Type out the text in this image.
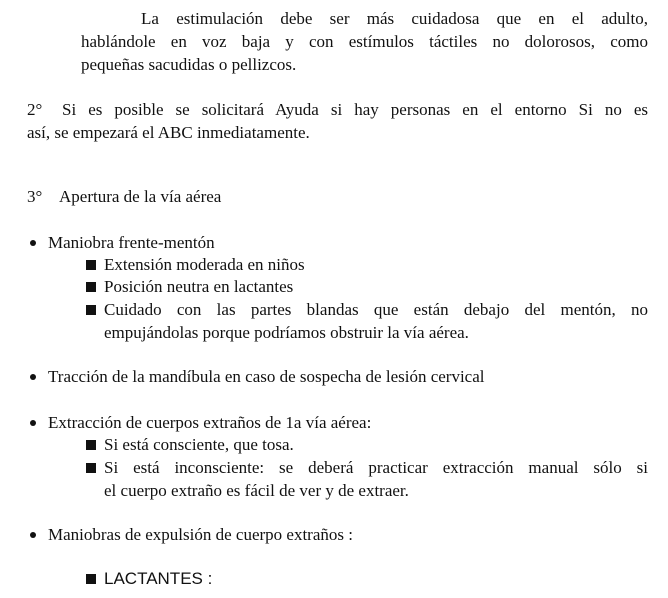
La estimulación debe ser más cuidadosa que en el adulto,
hablándole en voz baja y con estímulos táctiles no dolorosos, como
pequeñas sacudidas o pellizcos.
2° Si es posible se solicitará Ayuda si hay personas en el entorno Si no es
así, se empezará el ABC inmediatamente.
3° Apertura de la vía aérea
Maniobra frente-mentón
Extensión moderada en niños
Posición neutra en lactantes
Cuidado con las partes blandas que están debajo del mentón, no
empujándolas porque podríamos obstruir la vía aérea.
Tracción de la mandíbula en caso de sospecha de lesión cervical
Extracción de cuerpos extraños de 1a vía aérea:
Si está consciente, que tosa.
Si está inconsciente: se deberá practicar extracción manual sólo si
el cuerpo extraño es fácil de ver y de extraer.
Maniobras de expulsión de cuerpo extraños :
LACTANTES :
